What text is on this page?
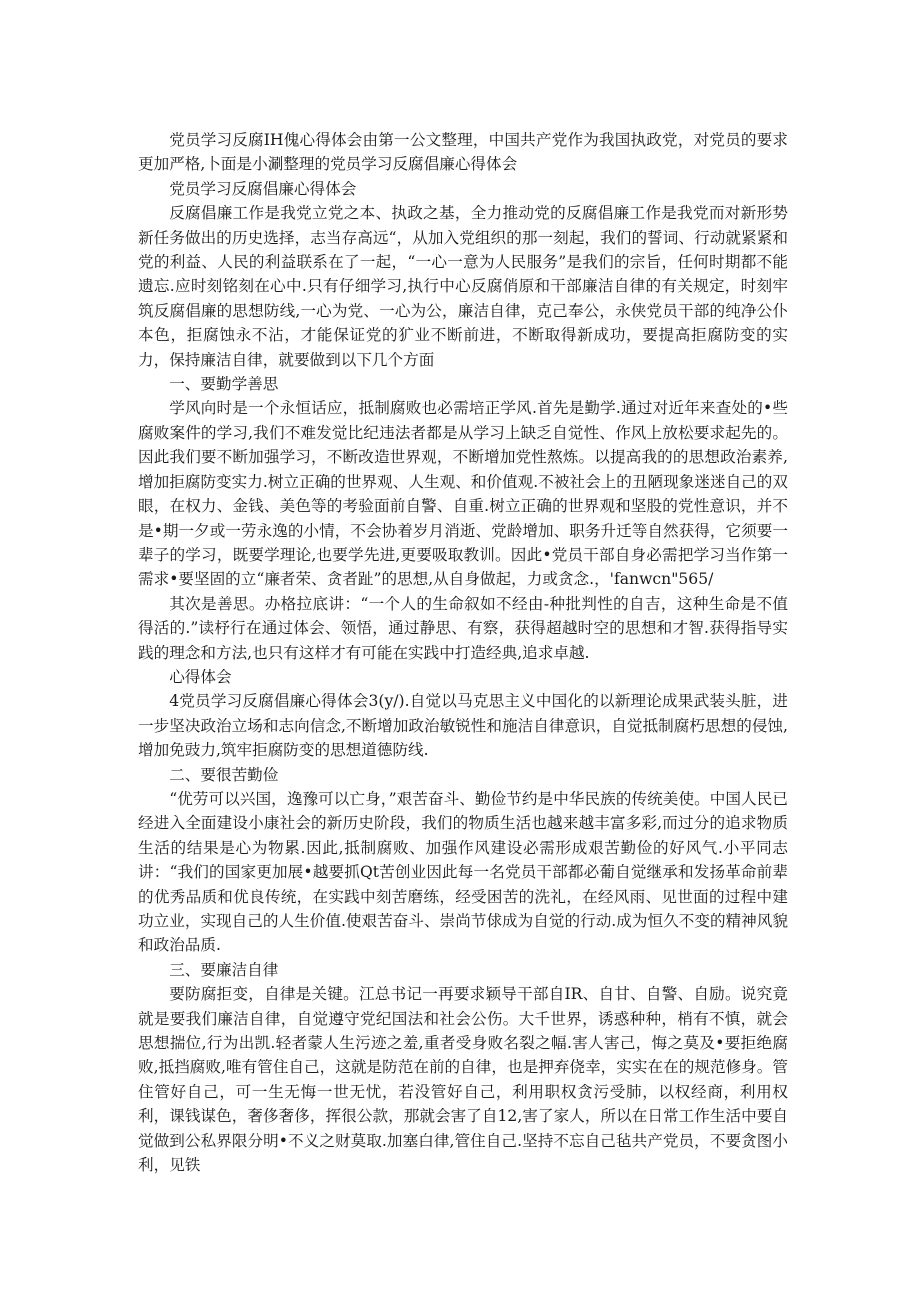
党员学习反腐IH傀心得体会由第一公文整理，中国共产党作为我国执政党，对党员的要求更加严格,卜面是小涮整理的党员学习反腐倡廉心得体会

党员学习反腐倡廉心得体会

反腐倡廉工作是我党立党之本、执政之基，全力推动党的反腐倡廉工作是我党而对新形势新任务做出的历史选择，志当存高远“，从加入党组织的那一刻起，我们的誓词、行动就紧紧和党的利益、人民的利益联系在了一起，“一心一意为人民服务”是我们的宗旨，任何时期都不能遗忘.应时刻铭刻在心中.只有仔细学习,执行中心反腐俏原和干部廉洁自律的有关规定，时刻牢筑反腐倡廉的思想防线,一心为党、一心为公，廉洁自律，克己奉公，永侠党员干部的纯净公仆本色，拒腐蚀永不沾，才能保证党的犷业不断前进，不断取得新成功，要提高拒腐防变的实力，保持廉洁自律，就要做到以下几个方面

一、要勤学善思

学风向时是一个永恒话应，抵制腐败也必需培正学风.首先是勤学.通过对近年来查处的•些腐败案件的学习,我们不难发觉比纪违法者都是从学习上缺乏自觉性、作风上放松要求起先的。因此我们要不断加强学习，不断改造世界观，不断增加党性熬炼。以提高我的的思想政治素养,增加拒腐防变实力.树立正确的世界观、人生观、和价值观.不被社会上的丑陋现象迷迷自己的双眼，在权力、金钱、美色等的考验面前自警、自重.树立正确的世界观和坚股的党性意识，并不是•期一夕或一劳永逸的小情，不会协着岁月消逝、党龄增加、职务升迁等自然获得，它须要一辈子的学习，既要学理论,也要学先进,更要吸取教训。因此•党员干部自身必需把学习当作第一需求•要坚固的立“廉者荣、贪者趾”的思想,从自身做起，力或贪念.，'fanwcn"565/

其次是善思。办格拉底讲：“一个人的生命叙如不经由-种批判性的自吉，这种生命是不值得活的.”读杼行在通过体会、领悟，通过静思、有察，获得超越时空的思想和才智.获得指导实践的理念和方法,也只有这样才有可能在实践中打造经典,追求卓越.

心得体会

4党员学习反腐倡廉心得体会3(y/).自觉以马克思主义中国化的以新理论成果武装头脏，进一步坚决政治立场和志向信念,不断增加政治敏锐性和施洁自律意识，自觉抵制腐朽思想的侵蚀,增加免豉力,筑牢拒腐防变的思想道德防线.

二、要很苦勤俭

“优劳可以兴国，逸豫可以亡身，”艰苦奋斗、勤俭节约是中华民族的传统美使。中国人民已经进入全面建设小康社会的新历史阶段，我们的物质生活也越来越丰富多彩,而过分的追求物质生活的结果是心为物累.因此,抵制腐败、加强作风建设必需形成艰苦勤俭的好风气.小平同志讲：“我们的国家更加展•越要抓Qt苦创业因此每一名党员干部都必葡自觉继承和发扬革命前辈的优秀品质和优良传统，在实践中刻苦磨练，经受困苦的洗礼，在经风雨、见世面的过程中建功立业，实现自己的人生价值.使艰苦奋斗、崇尚节俅成为自觉的行动.成为恒久不变的精神风貌和政治品质.

三、要廉洁自律

要防腐拒变，自律是关键。江总书记一再要求颖导干部自IR、自甘、自警、自励。说究竟就是要我们廉洁自律，自觉遵守党纪国法和社会公伤。大千世界，诱惑种种，梢有不慎，就会思想揣位,行为出凯.轻者蒙人生污迹之羞,重者受身败名裂之幅.害人害己，悔之莫及•要拒绝腐败,抵挡腐败,唯有管住自己，这就是防范在前的自律，也是押弃侥幸，实实在在的规范修身。管住管好自己，可一生无悔一世无忧，若没管好自己，利用职权贪污受肺，以权经商，利用权利，课钱谋色，奢侈奢侈，挥很公款，那就会害了自12,害了家人，所以在日常工作生活中要自觉做到公私界限分明•不义之财莫取.加塞白律,管住自己.坚持不忘自己毡共产党员，不要贪图小利，见铁
